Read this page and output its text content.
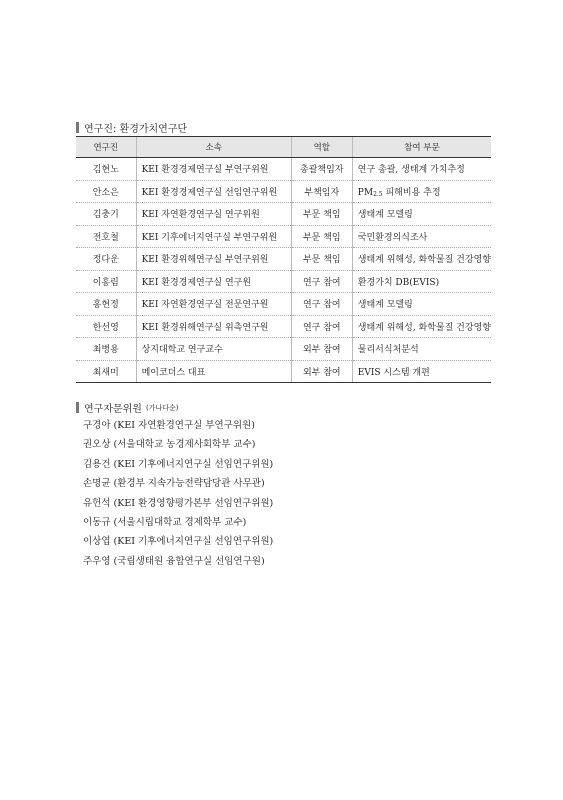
연구진: 환경가치연구단
연구진	소속	역할	참여 부문
김현노	KEI 환경경제연구실 부연구위원	총괄책임자	연구 총괄, 생태계 가치추정
안소은	KEI 환경경제연구실 선임연구위원	부책임자	$PM_{2.5}$ 피해비용 추정
김충기	KEI 자연환경연구실 연구위원	부문 책임	생태계 모델링
전호철	KEI 기후에너지연구실 부연구위원	부문 책임	국민환경의식조사
정다운	KEI 환경위해연구실 부연구위원	부문 책임	생태계 위해성, 화학물질 건강영향
이홍림	KEI 환경경제연구실 연구원	연구 참여	환경가치 DB(EVIS)
홍현정	KEI 자연환경연구실 전문연구원	연구 참여	생태계 모델링
한선영	KEI 환경위해연구실 위촉연구원	연구 참여	생태계 위해성, 화학물질 건강영향
최병용	상지대학교 연구교수	외부 참여	물리서식처분석
최새미	메이코더스 대표	외부 참여	EVIS 시스템 개편
연구자문위원 (가나다순)
구경아 (KEI 자연환경연구실 부연구위원)
권오상 (서울대학교 농경제사회학부 교수)
김용건 (KEI 기후에너지연구실 선임연구위원)
손명균 (환경부 지속가능전략담당관 사무관)
유헌석 (KEI 환경영향평가본부 선임연구위원)
이동규 (서울시립대학교 경제학부 교수)
이상엽 (KEI 기후에너지연구실 선임연구위원)
주우영 (국립생태원 융합연구실 선임연구원)
